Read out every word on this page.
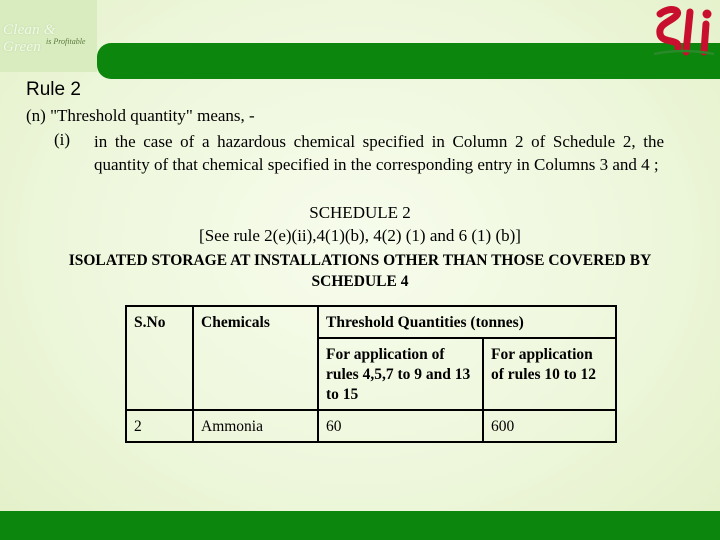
Clean & Green is Profitable
Rule 2
(n) "Threshold quantity" means, -
(i) in the case of a hazardous chemical specified in Column 2 of Schedule 2, the quantity of that chemical specified in the corresponding entry in Columns 3 and 4 ;
SCHEDULE 2
[See rule 2(e)(ii),4(1)(b), 4(2) (1) and 6 (1) (b)]
ISOLATED STORAGE AT INSTALLATIONS OTHER THAN THOSE COVERED BY SCHEDULE 4
S.No	Chemicals	Threshold Quantities (tonnes)	
		For application of rules 4,5,7 to 9 and 13 to 15	For application of rules 10 to 12
2	Ammonia	60	600
